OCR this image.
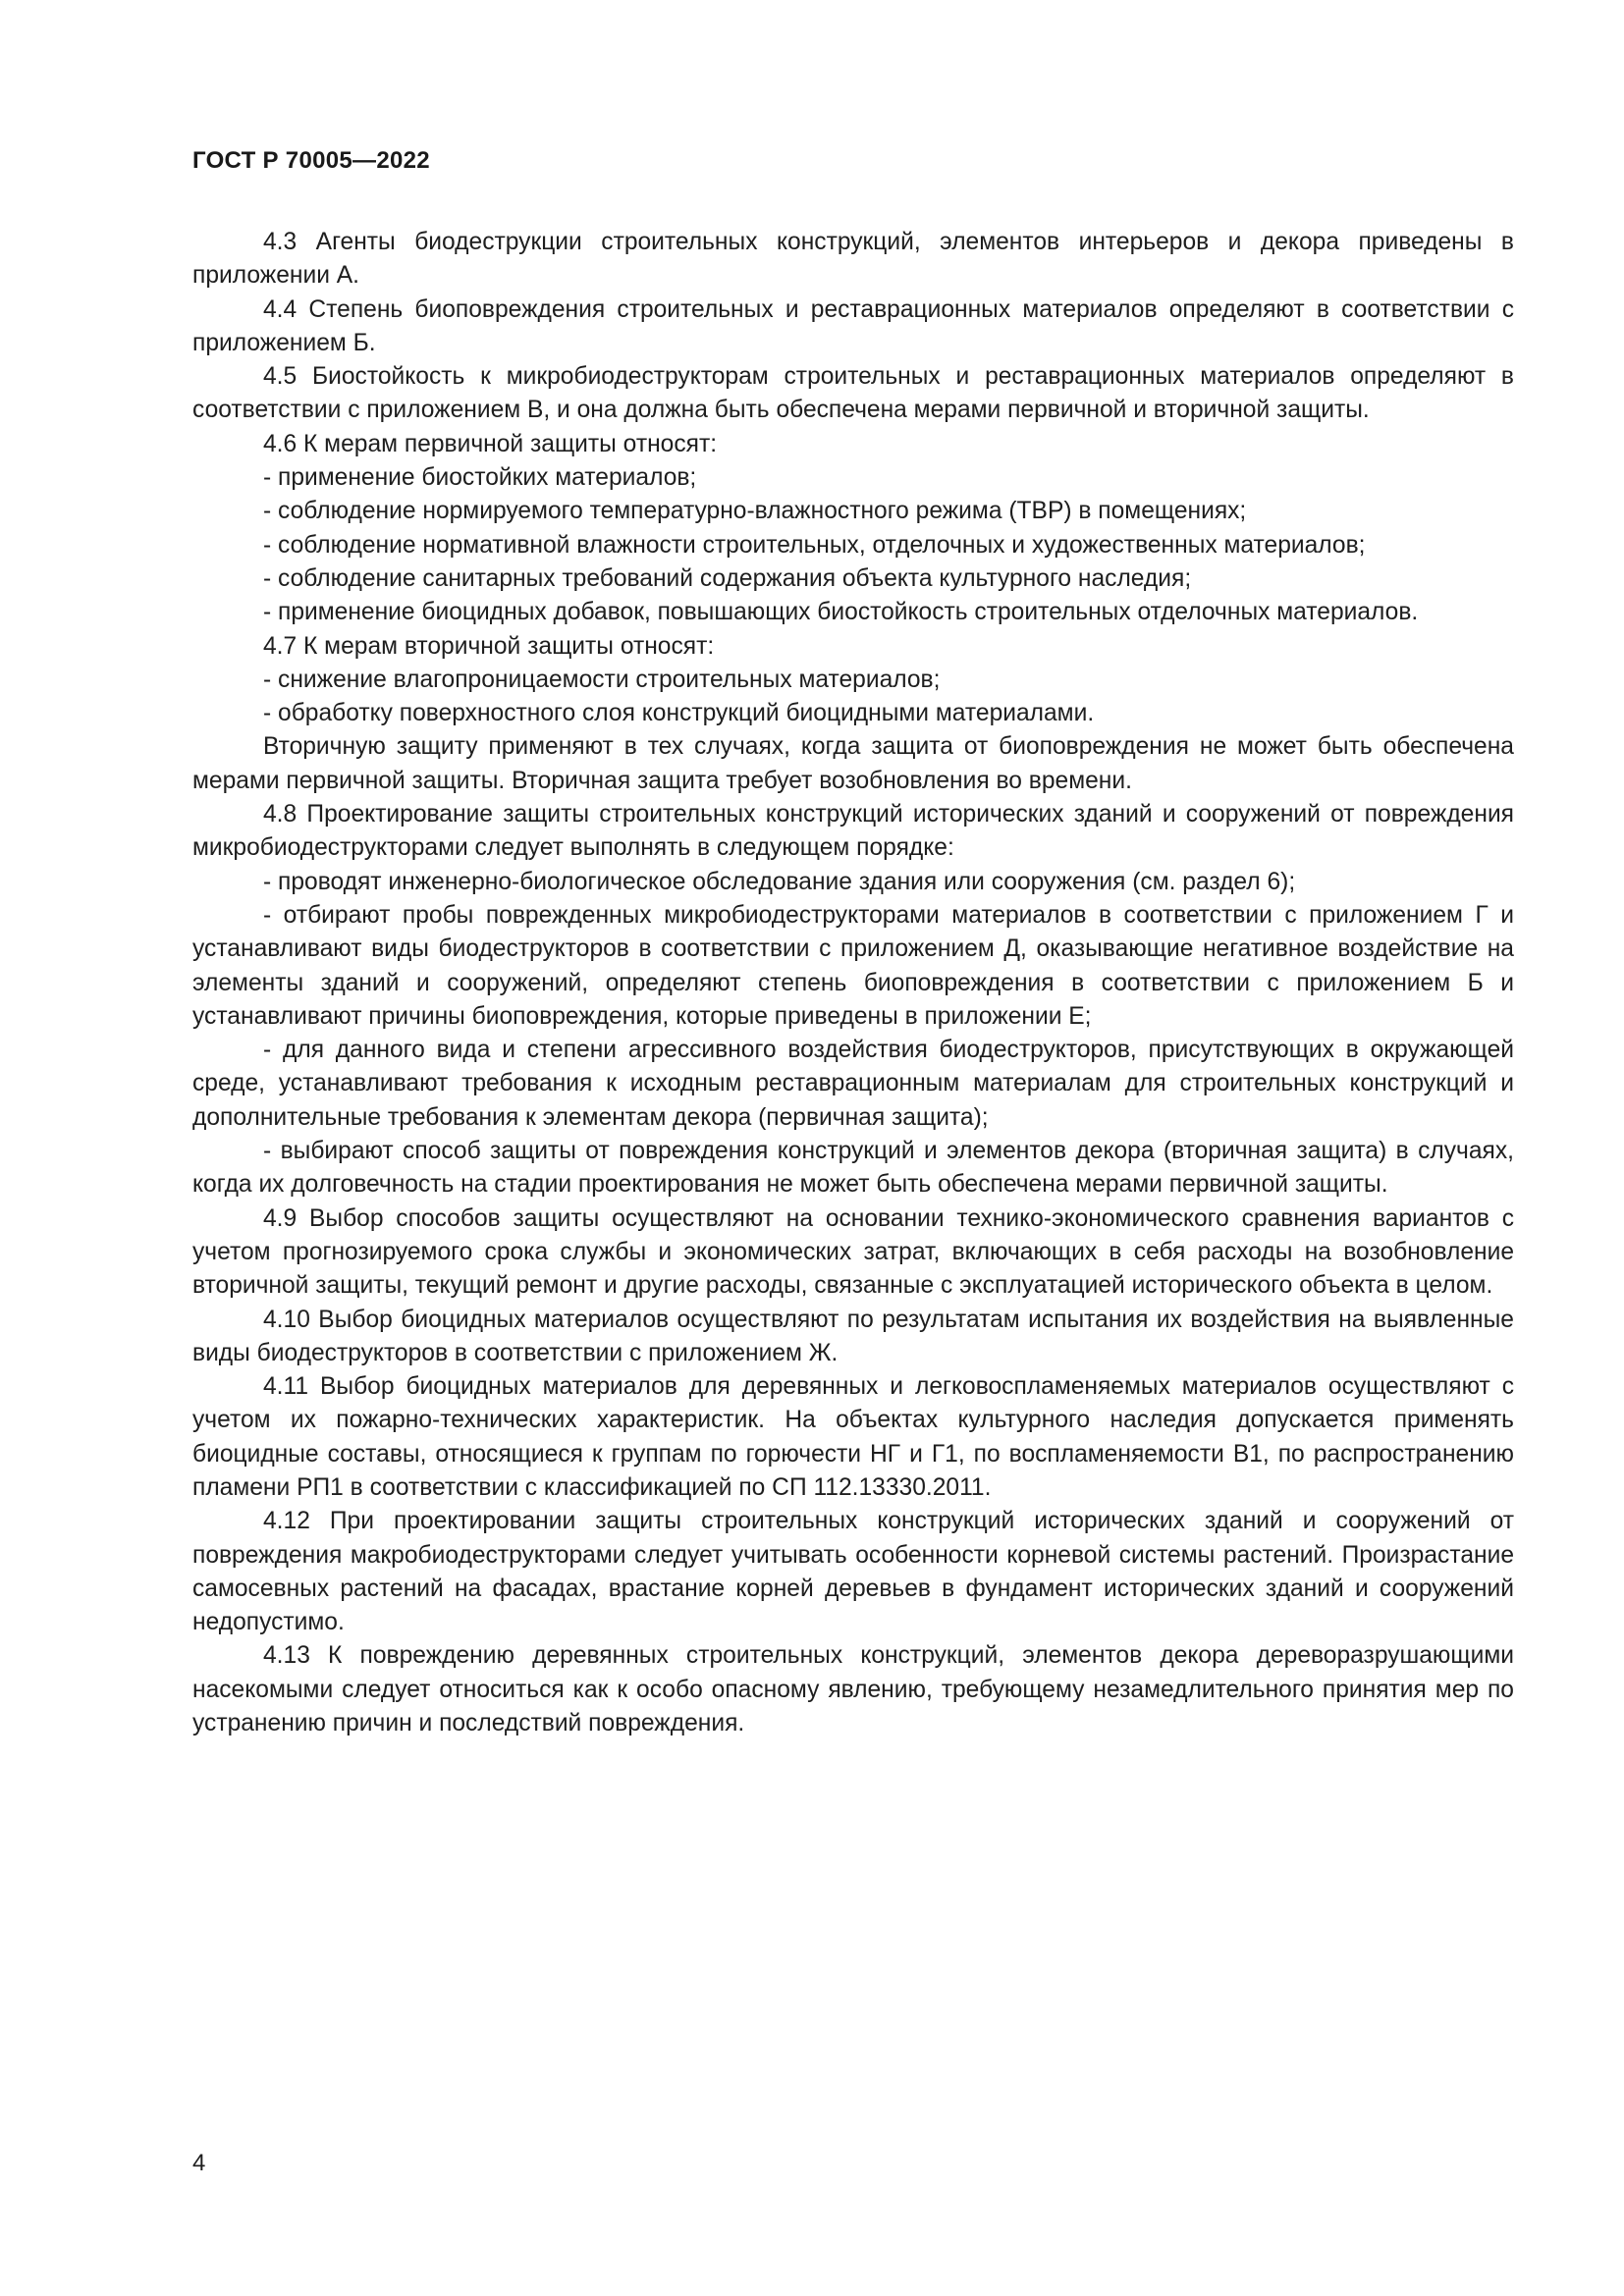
ГОСТ Р 70005—2022

4.3 Агенты биодеструкции строительных конструкций, элементов интерьеров и декора приведены в приложении А.

4.4 Степень биоповреждения строительных и реставрационных материалов определяют в соответствии с приложением Б.

4.5 Биостойкость к микробиодеструкторам строительных и реставрационных материалов определяют в соответствии с приложением В, и она должна быть обеспечена мерами первичной и вторичной защиты.

4.6 К мерам первичной защиты относят:

- применение биостойких материалов;

- соблюдение нормируемого температурно-влажностного режима (ТВР) в помещениях;

- соблюдение нормативной влажности строительных, отделочных и художественных материалов;

- соблюдение санитарных требований содержания объекта культурного наследия;

- применение биоцидных добавок, повышающих биостойкость строительных отделочных материалов.

4.7 К мерам вторичной защиты относят:

- снижение влагопроницаемости строительных материалов;

- обработку поверхностного слоя конструкций биоцидными материалами.

Вторичную защиту применяют в тех случаях, когда защита от биоповреждения не может быть обеспечена мерами первичной защиты. Вторичная защита требует возобновления во времени.

4.8 Проектирование защиты строительных конструкций исторических зданий и сооружений от повреждения микробиодеструкторами следует выполнять в следующем порядке:

- проводят инженерно-биологическое обследование здания или сооружения (см. раздел 6);

- отбирают пробы поврежденных микробиодеструкторами материалов в соответствии с приложением Г и устанавливают виды биодеструкторов в соответствии с приложением Д, оказывающие негативное воздействие на элементы зданий и сооружений, определяют степень биоповреждения в соответствии с приложением Б и устанавливают причины биоповреждения, которые приведены в приложении Е;

- для данного вида и степени агрессивного воздействия биодеструкторов, присутствующих в окружающей среде, устанавливают требования к исходным реставрационным материалам для строительных конструкций и дополнительные требования к элементам декора (первичная защита);

- выбирают способ защиты от повреждения конструкций и элементов декора (вторичная защита) в случаях, когда их долговечность на стадии проектирования не может быть обеспечена мерами первичной защиты.

4.9 Выбор способов защиты осуществляют на основании технико-экономического сравнения вариантов с учетом прогнозируемого срока службы и экономических затрат, включающих в себя расходы на возобновление вторичной защиты, текущий ремонт и другие расходы, связанные с эксплуатацией исторического объекта в целом.

4.10 Выбор биоцидных материалов осуществляют по результатам испытания их воздействия на выявленные виды биодеструкторов в соответствии с приложением Ж.

4.11 Выбор биоцидных материалов для деревянных и легковоспламеняемых материалов осуществляют с учетом их пожарно-технических характеристик. На объектах культурного наследия допускается применять биоцидные составы, относящиеся к группам по горючести НГ и Г1, по воспламеняемости В1, по распространению пламени РП1 в соответствии с классификацией по СП 112.13330.2011.

4.12 При проектировании защиты строительных конструкций исторических зданий и сооружений от повреждения макробиодеструкторами следует учитывать особенности корневой системы растений. Произрастание самосевных растений на фасадах, врастание корней деревьев в фундамент исторических зданий и сооружений недопустимо.

4.13 К повреждению деревянных строительных конструкций, элементов декора дереворазрушающими насекомыми следует относиться как к особо опасному явлению, требующему незамедлительного принятия мер по устранению причин и последствий повреждения.

4
